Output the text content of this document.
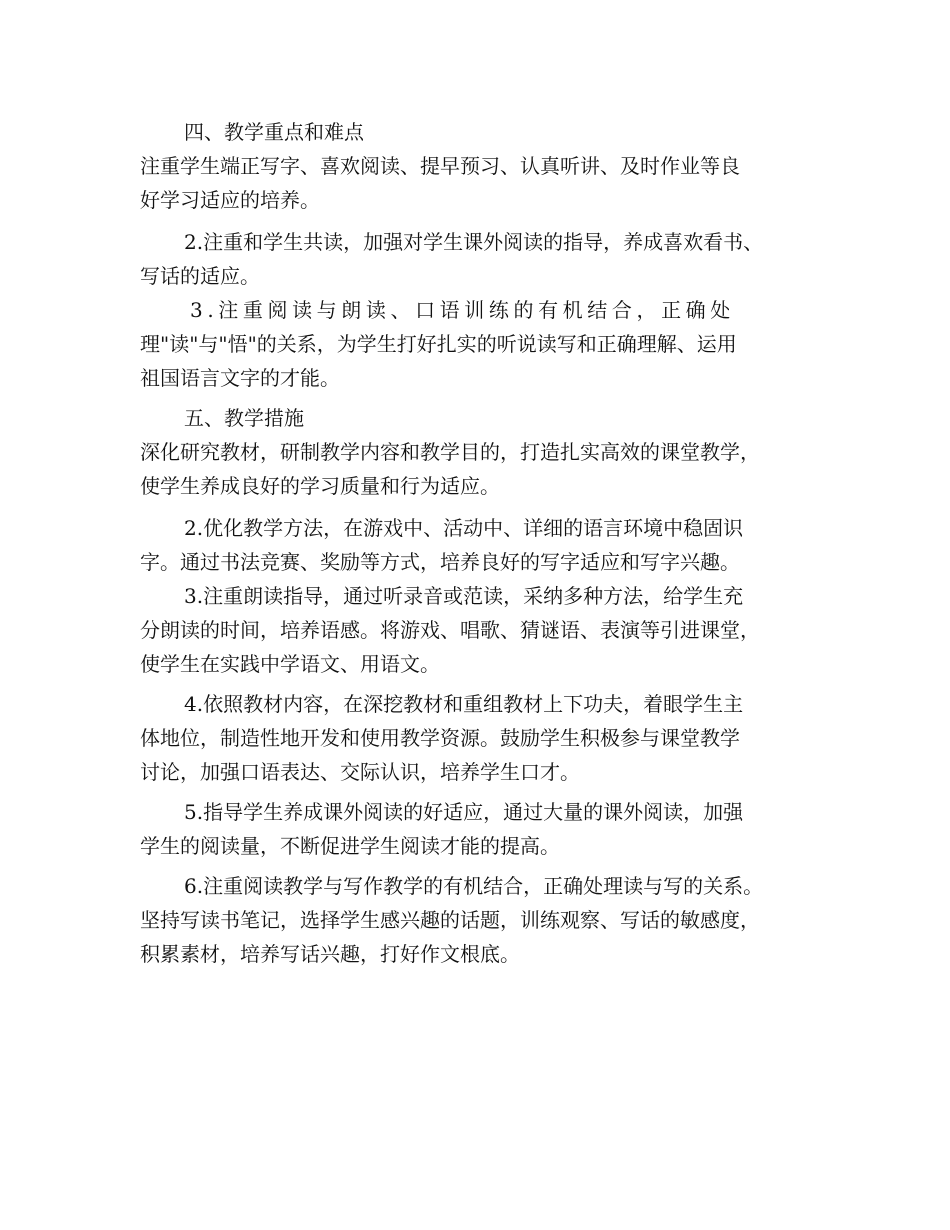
四、教学重点和难点
注重学生端正写字、喜欢阅读、提早预习、认真听讲、及时作业等良
好学习适应的培养。
2.注重和学生共读，加强对学生课外阅读的指导，养成喜欢看书、
写话的适应。
3.注重阅读与朗读、口语训练的有机结合，正确处
理"读"与"悟"的关系，为学生打好扎实的听说读写和正确理解、运用
祖国语言文字的才能。
五、教学措施
深化研究教材，研制教学内容和教学目的，打造扎实高效的课堂教学，
使学生养成良好的学习质量和行为适应。
2.优化教学方法，在游戏中、活动中、详细的语言环境中稳固识
字。通过书法竞赛、奖励等方式，培养良好的写字适应和写字兴趣。
3.注重朗读指导，通过听录音或范读，采纳多种方法，给学生充
分朗读的时间，培养语感。将游戏、唱歌、猜谜语、表演等引进课堂，
使学生在实践中学语文、用语文。
4.依照教材内容，在深挖教材和重组教材上下功夫，着眼学生主
体地位，制造性地开发和使用教学资源。鼓励学生积极参与课堂教学
讨论，加强口语表达、交际认识，培养学生口才。
5.指导学生养成课外阅读的好适应，通过大量的课外阅读，加强
学生的阅读量，不断促进学生阅读才能的提高。
6.注重阅读教学与写作教学的有机结合，正确处理读与写的关系。
坚持写读书笔记，选择学生感兴趣的话题，训练观察、写话的敏感度，
积累素材，培养写话兴趣，打好作文根底。
